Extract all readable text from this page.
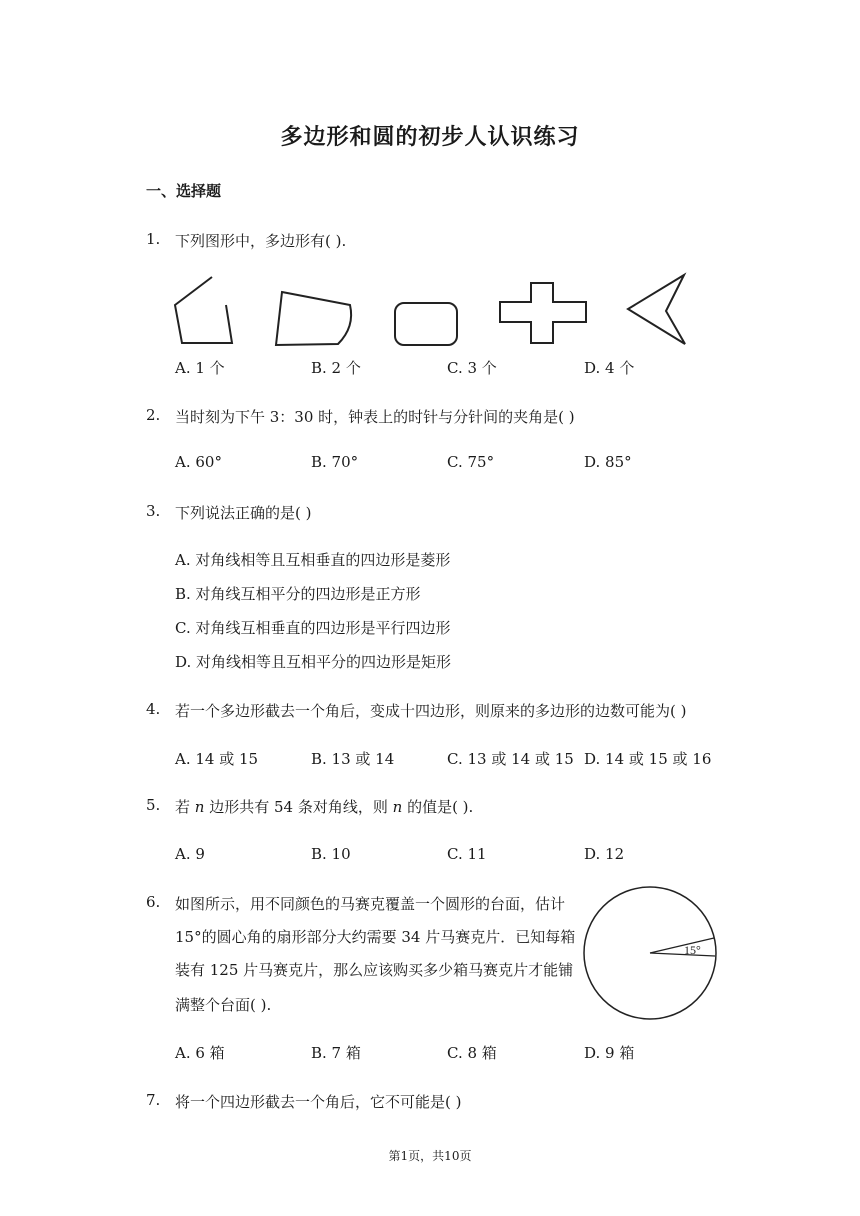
多边形和圆的初步人认识练习
一、选择题
1. 下列图形中，多边形有( ).
A. 1 个	B. 2 个	C. 3 个	D. 4 个
2. 当时刻为下午 3：30 时，钟表上的时针与分针间的夹角是( )
A. 60°	B. 70°	C. 75°	D. 85°
3. 下列说法正确的是( )
A. 对角线相等且互相垂直的四边形是菱形
B. 对角线互相平分的四边形是正方形
C. 对角线互相垂直的四边形是平行四边形
D. 对角线相等且互相平分的四边形是矩形
4. 若一个多边形截去一个角后，变成十四边形，则原来的多边形的边数可能为( )
A. 14 或 15	B. 13 或 14	C. 13 或 14 或 15 D. 14 或 15 或 16
5. 若 n 边形共有 54 条对角线，则 n 的值是( ).
A. 9	B. 10	C. 11	D. 12
6. 如图所示，用不同颜色的马赛克覆盖一个圆形的台面，估计
15°的圆心角的扇形部分大约需要 34 片马赛克片．已知每箱
装有 125 片马赛克片，那么应该购买多少箱马赛克片才能铺
满整个台面( ).
15°
A. 6 箱	B. 7 箱	C. 8 箱	D. 9 箱
7. 将一个四边形截去一个角后，它不可能是( )
第1页，共10页
